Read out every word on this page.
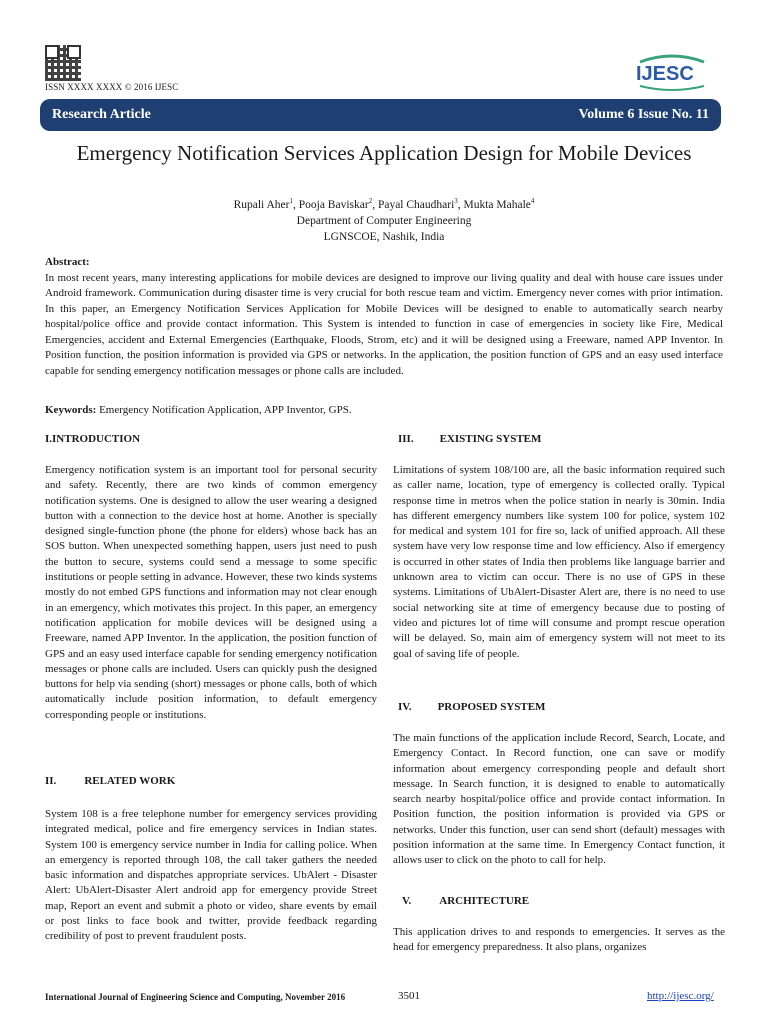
ISSN XXXX XXXX © 2016 IJESC
IJESC
Research Article	Volume 6 Issue No. 11
Emergency Notification Services Application Design for Mobile Devices
Rupali Aher$^1$, Pooja Baviskar$^2$, Payal Chaudhari$^3$, Mukta Mahale$^4$
Department of Computer Engineering
LGNSCOE, Nashik, India
Abstract:
In most recent years, many interesting applications for mobile devices are designed to improve our living quality and deal with house care issues under Android framework. Communication during disaster time is very crucial for both rescue team and victim. Emergency never comes with prior intimation. In this paper, an Emergency Notification Services Application for Mobile Devices will be designed to enable to automatically search nearby hospital/police office and provide contact information. This System is intended to function in case of emergencies in society like Fire, Medical Emergencies, accident and External Emergencies (Earthquake, Floods, Strom, etc) and it will be designed using a Freeware, named APP Inventor. In Position function, the position information is provided via GPS or networks. In the application, the position function of GPS and an easy used interface capable for sending emergency notification messages or phone calls are included.
Keywords: Emergency Notification Application, APP Inventor, GPS.
I.INTRODUCTION

Emergency notification system is an important tool for personal security and safety. Recently, there are two kinds of common emergency notification systems. One is designed to allow the user wearing a designed button with a connection to the device host at home. Another is specially designed single-function phone (the phone for elders) whose back has an SOS button. When unexpected something happen, users just need to push the button to secure, systems could send a message to some specific institutions or people setting in advance. However, these two kinds systems mostly do not embed GPS functions and information may not clear enough in an emergency, which motivates this project. In this paper, an emergency notification application for mobile devices will be designed using a Freeware, named APP Inventor. In the application, the position function of GPS and an easy used interface capable for sending emergency notification messages or phone calls are included. Users can quickly push the designed buttons for help via sending (short) messages or phone calls, both of which automatically include position information, to default emergency corresponding people or institutions.

II.	RELATED WORK

System 108 is a free telephone number for emergency services providing integrated medical, police and fire emergency services in Indian states. System 100 is emergency service number in India for calling police. When an emergency is reported through 108, the call taker gathers the needed basic information and dispatches appropriate services. UbAlert - Disaster Alert: UbAlert-Disaster Alert android app for emergency provide Street map, Report an event and submit a photo or video, share events by email or post links to face book and twitter, provide feedback regarding credibility of post to prevent fraudulent posts.

III. EXISTING SYSTEM

Limitations of system 108/100 are, all the basic information required such as caller name, location, type of emergency is collected orally. Typical response time in metros when the police station in nearly is 30min. India has different emergency numbers like system 100 for police, system 102 for medical and system 101 for fire so, lack of unified approach. All these system have very low response time and low efficiency. Also if emergency is occurred in other states of India then problems like language barrier and unknown area to victim can occur. There is no use of GPS in these systems. Limitations of UbAlert-Disaster Alert are, there is no need to use social networking site at time of emergency because due to posting of video and pictures lot of time will consume and prompt rescue operation will be delayed. So, main aim of emergency system will not meet to its goal of saving life of people.

IV. PROPOSED SYSTEM

The main functions of the application include Record, Search, Locate, and Emergency Contact. In Record function, one can save or modify information about emergency corresponding people and default short message. In Search function, it is designed to enable to automatically search nearby hospital/police office and provide contact information. In Position function, the position information is provided via GPS or networks. Under this function, user can send short (default) messages with position information at the same time. In Emergency Contact function, it allows user to click on the photo to call for help.

V.	ARCHITECTURE

This application drives to and responds to emergencies. It serves as the head for emergency preparedness. It also plans, organizes

International Journal of Engineering Science and Computing, November 2016	3501	http://ijesc.org/
